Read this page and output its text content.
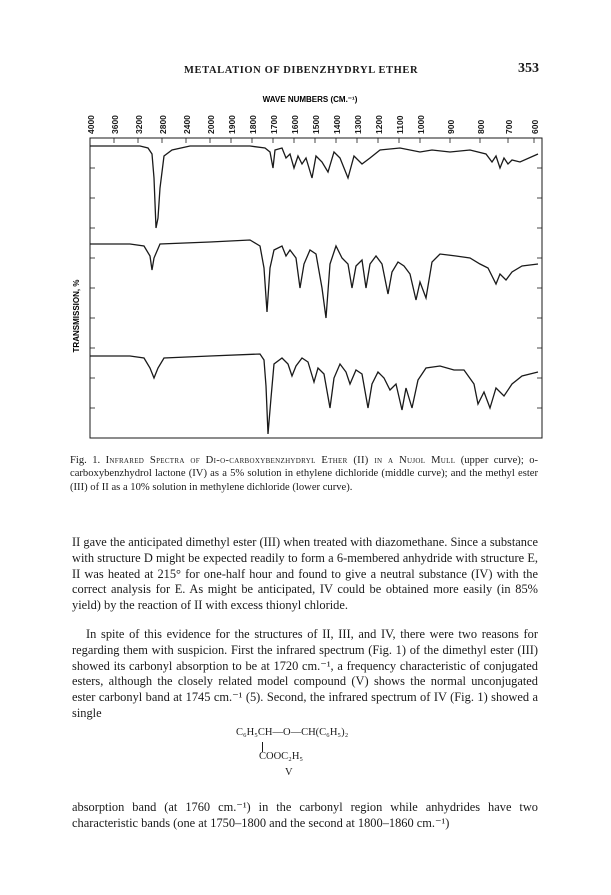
METALATION OF DIBENZHYDRYL ETHER	353
WAVE NUMBERS (CM.⁻¹)
4000 3600 3200 2800 2400 2000 1900 1800 1700 1600 1500 1400 1300 1200 1100 1000 900 800 700 600
TRANSMISSION, %
Fig. 1. Infrared Spectra of Di-o-carboxybenzhydryl Ether (II) in a Nujol Mull (upper curve); o-carboxybenzhydrol lactone (IV) as a 5% solution in ethylene dichloride (middle curve); and the methyl ester (III) of II as a 10% solution in methylene dichloride (lower curve).
II gave the anticipated dimethyl ester (III) when treated with diazomethane. Since a substance with structure D might be expected readily to form a 6-membered anhydride with structure E, II was heated at 215° for one-half hour and found to give a neutral substance (IV) with the correct analysis for E. As might be anticipated, IV could be obtained more easily (in 85% yield) by the reaction of II with excess thionyl chloride.
In spite of this evidence for the structures of II, III, and IV, there were two reasons for regarding them with suspicion. First the infrared spectrum (Fig. 1) of the dimethyl ester (III) showed its carbonyl absorption to be at 1720 cm.⁻¹, a frequency characteristic of conjugated esters, although the closely related model compound (V) shows the normal unconjugated ester carbonyl band at 1745 cm.⁻¹ (5). Second, the infrared spectrum of IV (Fig. 1) showed a single
C₆H₅CH—O—CH(C₆H₅)₂
COOC₂H₅
V
absorption band (at 1760 cm.⁻¹) in the carbonyl region while anhydrides have two characteristic bands (one at 1750–1800 and the second at 1800–1860 cm.⁻¹)
